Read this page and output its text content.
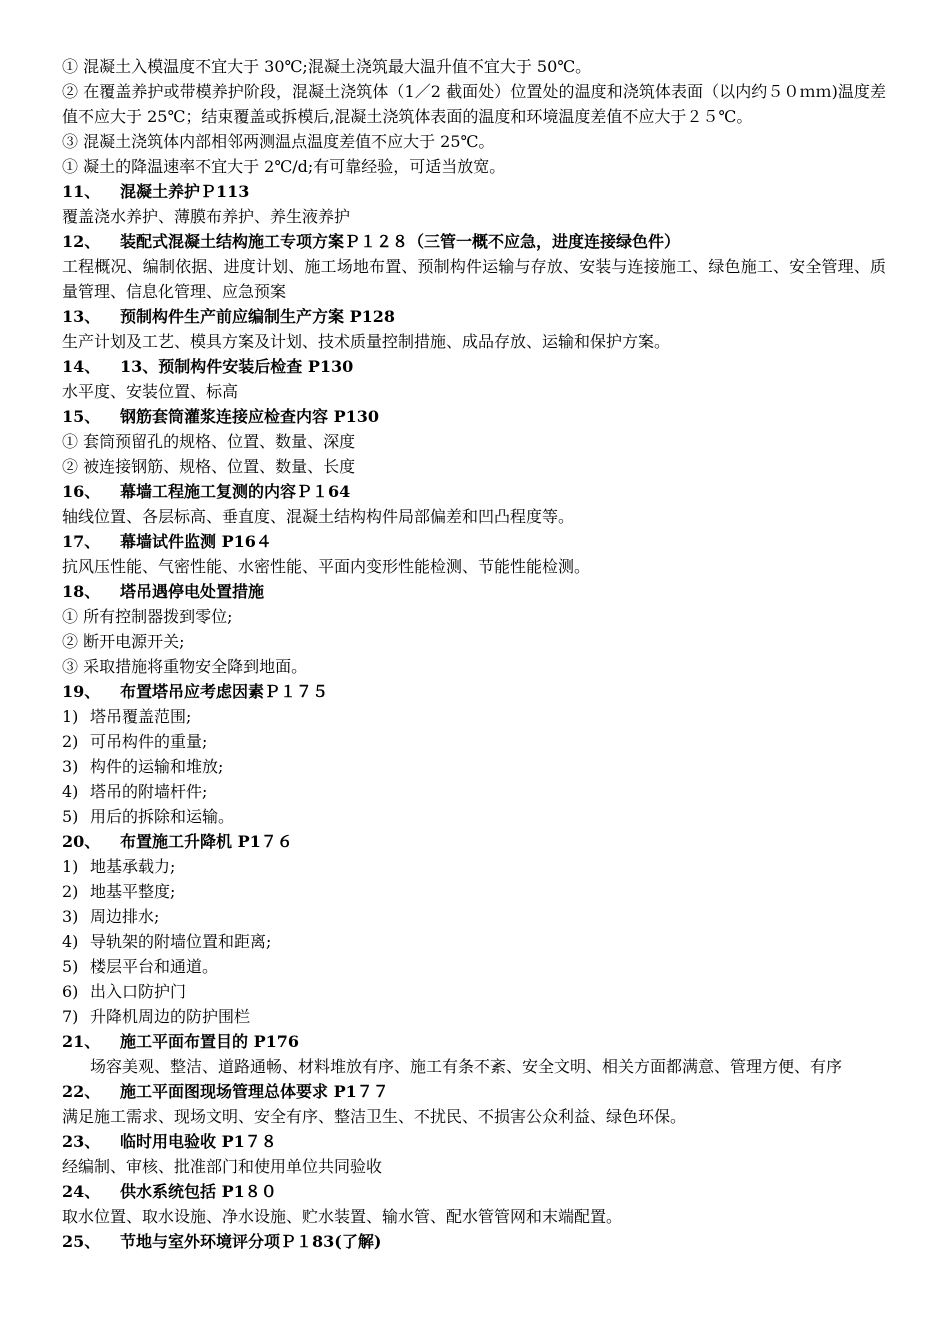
① 混凝土入模温度不宜大于 30℃;混凝土浇筑最大温升值不宜大于 50℃。
② 在覆盖养护或带模养护阶段，混凝土浇筑体（1／2 截面处）位置处的温度和浇筑体表面（以内约５０ｍｍ)温度差值不应大于 25℃；结束覆盖或拆模后,混凝土浇筑体表面的温度和环境温度差值不应大于２５℃。
③ 混凝土浇筑体内部相邻两测温点温度差值不应大于 25℃。
① 凝土的降温速率不宜大于 2℃/d;有可靠经验，可适当放宽。
11、	混凝土养护Ｐ113
覆盖浇水养护、薄膜布养护、养生液养护
12、	装配式混凝土结构施工专项方案Ｐ１２８（三管一概不应急，进度连接绿色件）
工程概况、编制依据、进度计划、施工场地布置、预制构件运输与存放、安装与连接施工、绿色施工、安全管理、质量管理、信息化管理、应急预案
13、	预制构件生产前应编制生产方案 P128
生产计划及工艺、模具方案及计划、技术质量控制措施、成品存放、运输和保护方案。
14、	13、预制构件安装后检查 P130
水平度、安装位置、标高
15、	钢筋套筒灌浆连接应检查内容 P130
① 套筒预留孔的规格、位置、数量、深度
② 被连接钢筋、规格、位置、数量、长度
16、	幕墙工程施工复测的内容Ｐ１64
轴线位置、各层标高、垂直度、混凝土结构构件局部偏差和凹凸程度等。
17、	幕墙试件监测 P16４
抗风压性能、气密性能、水密性能、平面内变形性能检测、节能性能检测。
18、	塔吊遇停电处置措施
① 所有控制器拨到零位;
② 断开电源开关;
③ 采取措施将重物安全降到地面。
19、	布置塔吊应考虑因素Ｐ１７５
1) 塔吊覆盖范围;
2) 可吊构件的重量;
3) 构件的运输和堆放;
4) 塔吊的附墙杆件;
5) 用后的拆除和运输。
20、	布置施工升降机 P1７６
1) 地基承载力;
2) 地基平整度;
3) 周边排水;
4) 导轨架的附墙位置和距离;
5) 楼层平台和通道。
6) 出入口防护门
7) 升降机周边的防护围栏
21、	施工平面布置目的 P176
场容美观、整洁、道路通畅、材料堆放有序、施工有条不紊、安全文明、相关方面都满意、管理方便、有序
22、	施工平面图现场管理总体要求 P1７７
满足施工需求、现场文明、安全有序、整洁卫生、不扰民、不损害公众利益、绿色环保。
23、	临时用电验收 P1７８
经编制、审核、批准部门和使用单位共同验收
24、	供水系统包括 P1８０
取水位置、取水设施、净水设施、贮水装置、输水管、配水管管网和末端配置。
25、	节地与室外环境评分项Ｐ１83(了解)
